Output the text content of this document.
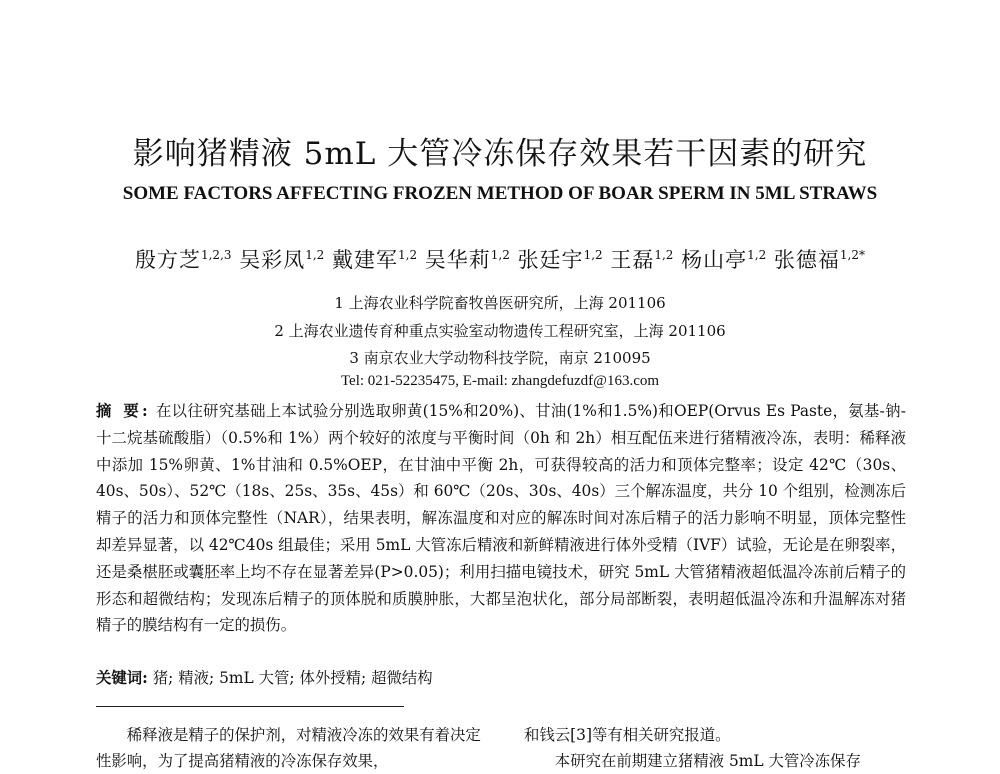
影响猪精液 5mL 大管冷冻保存效果若干因素的研究
SOME FACTORS AFFECTING FROZEN METHOD OF BOAR SPERM IN 5ML STRAWS
殷方芝$^{1,2,3}$ 吴彩凤$^{1,2}$ 戴建军$^{1,2}$ 吴华莉$^{1,2}$ 张廷宇$^{1,2}$ 王磊$^{1,2}$ 杨山亭$^{1,2}$ 张德福$^{1,2*}$
1 上海农业科学院畜牧兽医研究所，上海 201106
2 上海农业遗传育种重点实验室动物遗传工程研究室，上海 201106
3 南京农业大学动物科技学院，南京 210095
Tel: 021-52235475, E-mail: zhangdefuzdf@163.com
摘 要: 在以往研究基础上本试验分别选取卵黄(15%和20%)、甘油(1%和1.5%)和OEP(Orvus Es Paste，氨基-钠-十二烷基硫酸脂）（0.5%和 1%）两个较好的浓度与平衡时间（0h 和 2h）相互配伍来进行猪精液冷冻，表明：稀释液中添加 15%卵黄、1%甘油和 0.5%OEP，在甘油中平衡 2h，可获得较高的活力和顶体完整率；设定 42℃（30s、40s、50s）、52℃（18s、25s、35s、45s）和 60℃（20s、30s、40s）三个解冻温度，共分 10 个组别，检测冻后精子的活力和顶体完整性（NAR），结果表明，解冻温度和对应的解冻时间对冻后精子的活力影响不明显，顶体完整性却差异显著，以 42℃40s 组最佳；采用 5mL 大管冻后精液和新鲜精液进行体外受精（IVF）试验，无论是在卵裂率，还是桑椹胚或囊胚率上均不存在显著差异(P>0.05)；利用扫描电镜技术，研究 5mL 大管猪精液超低温冷冻前后精子的形态和超微结构；发现冻后精子的顶体脱和质膜肿胀，大都呈泡状化，部分局部断裂，表明超低温冷冻和升温解冻对猪精子的膜结构有一定的损伤。
关键词: 猪; 精液; 5mL 大管; 体外授精; 超微结构
稀释液是精子的保护剂，对精液冷冻的效果有着决定性影响，为了提高猪精液的冷冻保存效果，
和钱云[3]等有相关研究报道。
本研究在前期建立猪精液 5mL 大管冷冻保存
